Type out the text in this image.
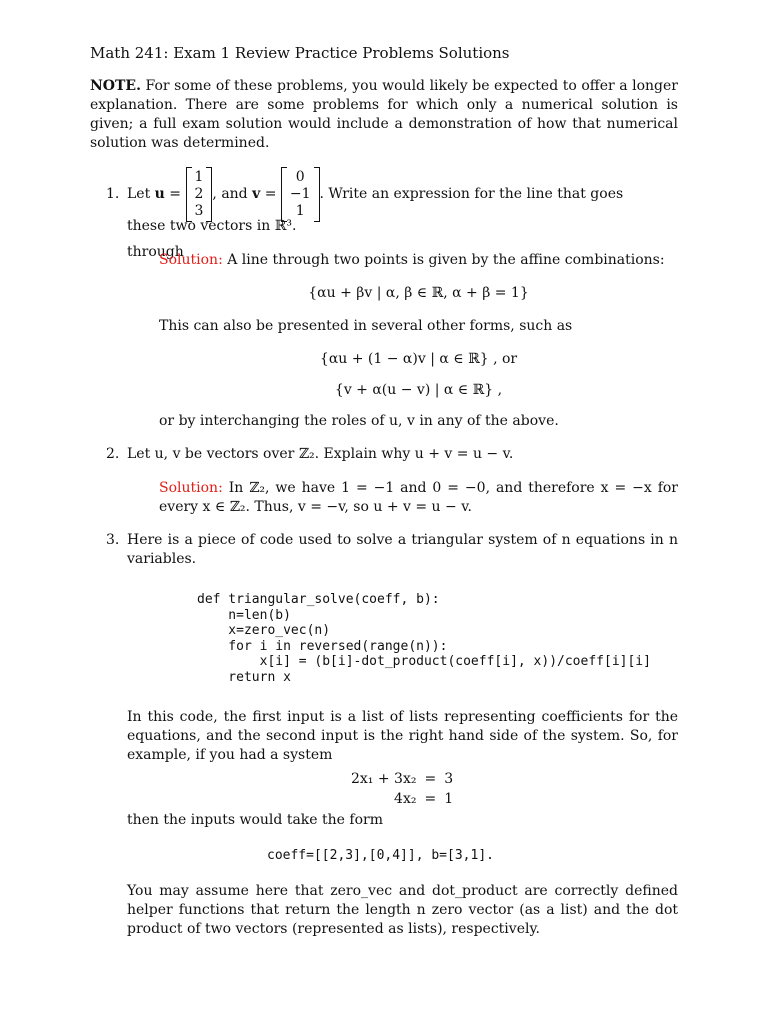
Math 241: Exam 1 Review Practice Problems Solutions

NOTE. For some of these problems, you would likely be expected to offer a longer explanation. There are some problems for which only a numerical solution is given; a full exam solution would include a demonstration of how that numerical solution was determined.

1. Let u =
1
2
3
, and v =
0
−1
1
. Write an expression for the line that goes through
these two vectors in ℝ³.

Solution: A line through two points is given by the affine combinations:

{αu + βv | α, β ∈ ℝ, α + β = 1}

This can also be presented in several other forms, such as

{αu + (1 − α)v | α ∈ ℝ} , or
{v + α(u − v) | α ∈ ℝ} ,

or by interchanging the roles of u, v in any of the above.

2. Let u, v be vectors over ℤ₂. Explain why u + v = u − v.

Solution: In ℤ₂, we have 1 = −1 and 0 = −0, and therefore x = −x for every x ∈ ℤ₂. Thus, v = −v, so u + v = u − v.

3. Here is a piece of code used to solve a triangular system of n equations in n variables.

def triangular_solve(coeff, b):
n=len(b)
x=zero_vec(n)
for i in reversed(range(n)):
x[i] = (b[i]-dot_product(coeff[i], x))/coeff[i][i]
return x

In this code, the first input is a list of lists representing coefficients for the equations, and the second input is the right hand side of the system. So, for example, if you had a system

2x₁ + 3x₂	=	3
4x₂	=	1

then the inputs would take the form

coeff=[[2,3],[0,4]], b=[3,1].

You may assume here that zero_vec and dot_product are correctly defined helper functions that return the length n zero vector (as a list) and the dot product of two vectors (represented as lists), respectively.
